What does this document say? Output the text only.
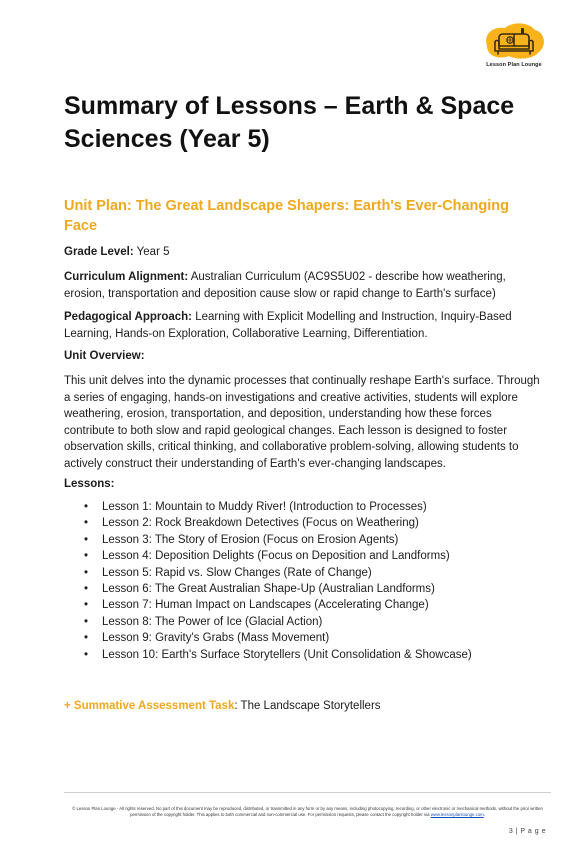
Lesson Plan Lounge
Summary of Lessons – Earth & Space Sciences (Year 5)
Unit Plan: The Great Landscape Shapers: Earth's Ever-Changing Face
Grade Level: Year 5
Curriculum Alignment: Australian Curriculum (AC9S5U02 - describe how weathering, erosion, transportation and deposition cause slow or rapid change to Earth's surface)
Pedagogical Approach: Learning with Explicit Modelling and Instruction, Inquiry-Based Learning, Hands-on Exploration, Collaborative Learning, Differentiation.
Unit Overview:
This unit delves into the dynamic processes that continually reshape Earth's surface. Through a series of engaging, hands-on investigations and creative activities, students will explore weathering, erosion, transportation, and deposition, understanding how these forces contribute to both slow and rapid geological changes. Each lesson is designed to foster observation skills, critical thinking, and collaborative problem-solving, allowing students to actively construct their understanding of Earth's ever-changing landscapes.
Lessons:
• Lesson 1: Mountain to Muddy River! (Introduction to Processes)
• Lesson 2: Rock Breakdown Detectives (Focus on Weathering)
• Lesson 3: The Story of Erosion (Focus on Erosion Agents)
• Lesson 4: Deposition Delights (Focus on Deposition and Landforms)
• Lesson 5: Rapid vs. Slow Changes (Rate of Change)
• Lesson 6: The Great Australian Shape-Up (Australian Landforms)
• Lesson 7: Human Impact on Landscapes (Accelerating Change)
• Lesson 8: The Power of Ice (Glacial Action)
• Lesson 9: Gravity's Grabs (Mass Movement)
• Lesson 10: Earth's Surface Storytellers (Unit Consolidation & Showcase)
+ Summative Assessment Task: The Landscape Storytellers
© Lesson Plan Lounge - All rights reserved. No part of this document may be reproduced, distributed, or transmitted in any form or by any means, including photocopying, recording, or other electronic or mechanical methods, without the prior written permission of the copyright holder. This applies to both commercial and non-commercial use. For permission requests, please contact the copyright holder via www.lessonplanlounge.com.
3 | P a g e
